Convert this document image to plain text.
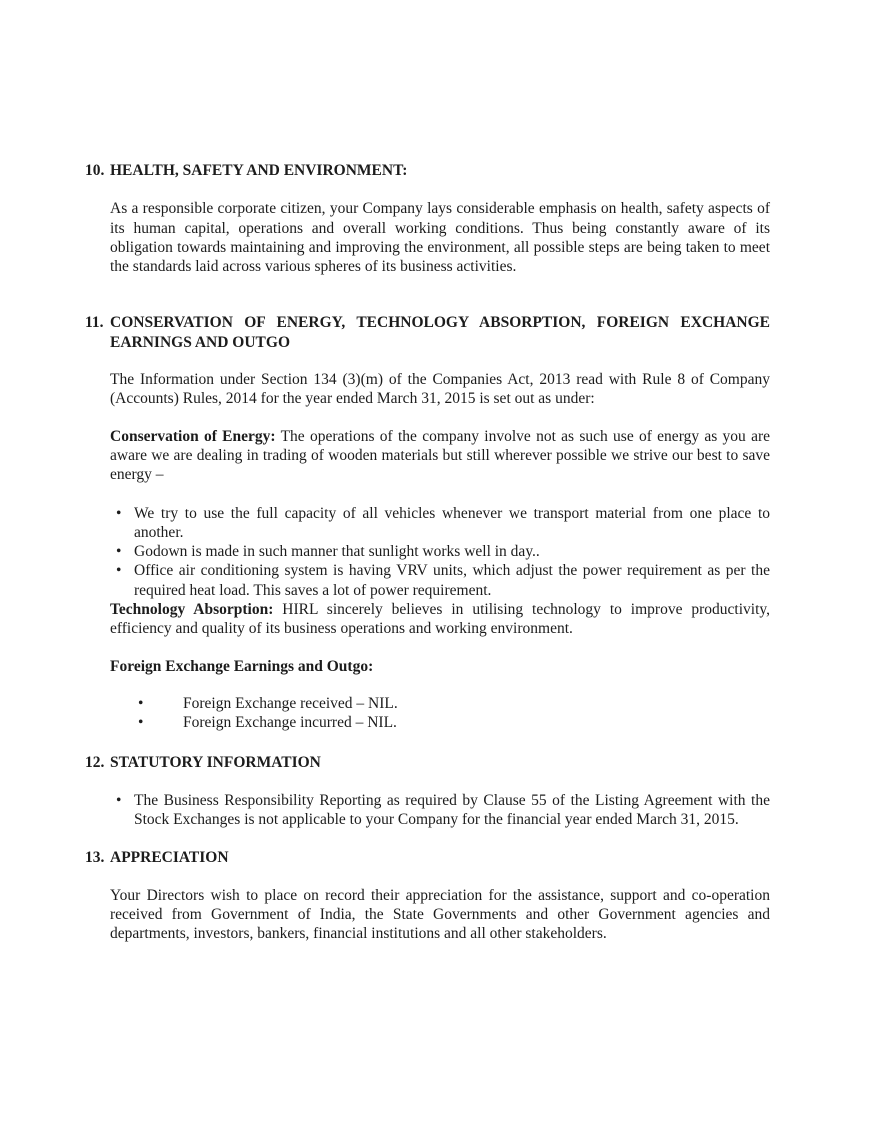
10. HEALTH, SAFETY AND ENVIRONMENT:

As a responsible corporate citizen, your Company lays considerable emphasis on health, safety aspects of its human capital, operations and overall working conditions. Thus being constantly aware of its obligation towards maintaining and improving the environment, all possible steps are being taken to meet the standards laid across various spheres of its business activities.

11. CONSERVATION OF ENERGY, TECHNOLOGY ABSORPTION, FOREIGN EXCHANGE EARNINGS AND OUTGO

The Information under Section 134 (3)(m) of the Companies Act, 2013 read with Rule 8 of Company (Accounts) Rules, 2014 for the year ended March 31, 2015 is set out as under:

Conservation of Energy: The operations of the company involve not as such use of energy as you are aware we are dealing in trading of wooden materials but still wherever possible we strive our best to save energy –

• We try to use the full capacity of all vehicles whenever we transport material from one place to another.
• Godown is made in such manner that sunlight works well in day..
• Office air conditioning system is having VRV units, which adjust the power requirement as per the required heat load. This saves a lot of power requirement.

Technology Absorption: HIRL sincerely believes in utilising technology to improve productivity, efficiency and quality of its business operations and working environment.

Foreign Exchange Earnings and Outgo:

• Foreign Exchange received – NIL.
• Foreign Exchange incurred – NIL.
12. STATUTORY INFORMATION
• The Business Responsibility Reporting as required by Clause 55 of the Listing Agreement with the Stock Exchanges is not applicable to your Company for the financial year ended March 31, 2015.
13. APPRECIATION

Your Directors wish to place on record their appreciation for the assistance, support and co-operation received from Government of India, the State Governments and other Government agencies and departments, investors, bankers, financial institutions and all other stakeholders.
